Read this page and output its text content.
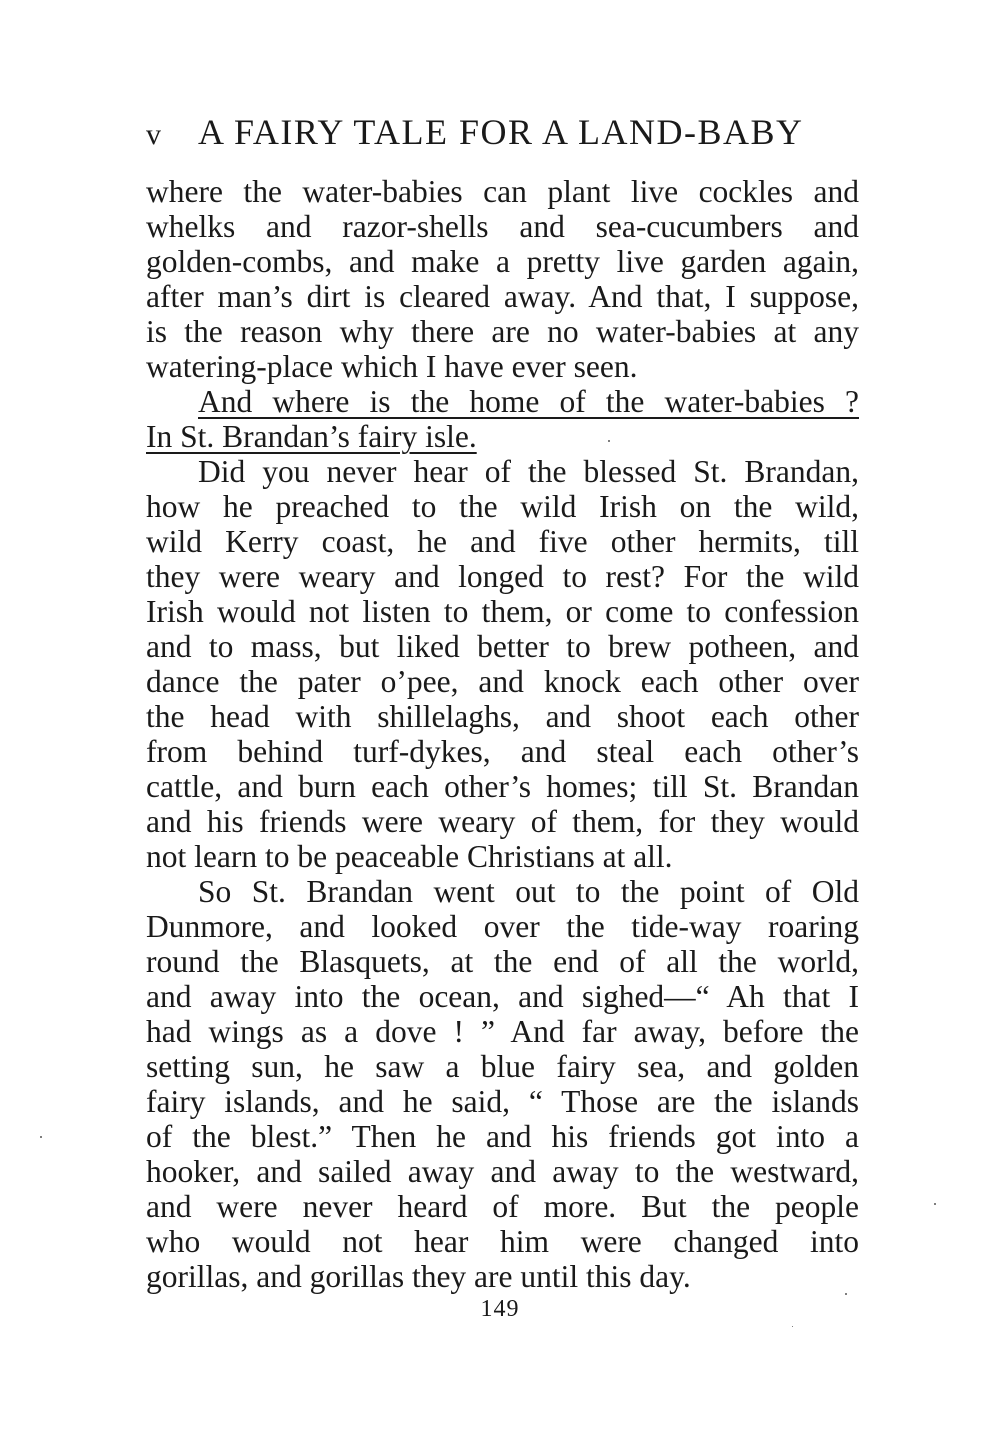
v A FAIRY TALE FOR A LAND-BABY
where the water-babies can plant live cockles and
whelks and razor-shells and sea-cucumbers and
golden-combs, and make a pretty live garden again,
after man’s dirt is cleared away. And that, I suppose,
is the reason why there are no water-babies at any
watering-place which I have ever seen.
And where is the home of the water-babies ?
In St. Brandan’s fairy isle.
Did you never hear of the blessed St. Brandan,
how he preached to the wild Irish on the wild,
wild Kerry coast, he and five other hermits, till
they were weary and longed to rest? For the wild
Irish would not listen to them, or come to confession
and to mass, but liked better to brew potheen, and
dance the pater o’pee, and knock each other over
the head with shillelaghs, and shoot each other
from behind turf-dykes, and steal each other’s
cattle, and burn each other’s homes; till St. Brandan
and his friends were weary of them, for they would
not learn to be peaceable Christians at all.
So St. Brandan went out to the point of Old
Dunmore, and looked over the tide-way roaring
round the Blasquets, at the end of all the world,
and away into the ocean, and sighed—“ Ah that I
had wings as a dove ! ” And far away, before the
setting sun, he saw a blue fairy sea, and golden
fairy islands, and he said, “ Those are the islands
of the blest.” Then he and his friends got into a
hooker, and sailed away and away to the westward,
and were never heard of more. But the people
who would not hear him were changed into
gorillas, and gorillas they are until this day.
149
